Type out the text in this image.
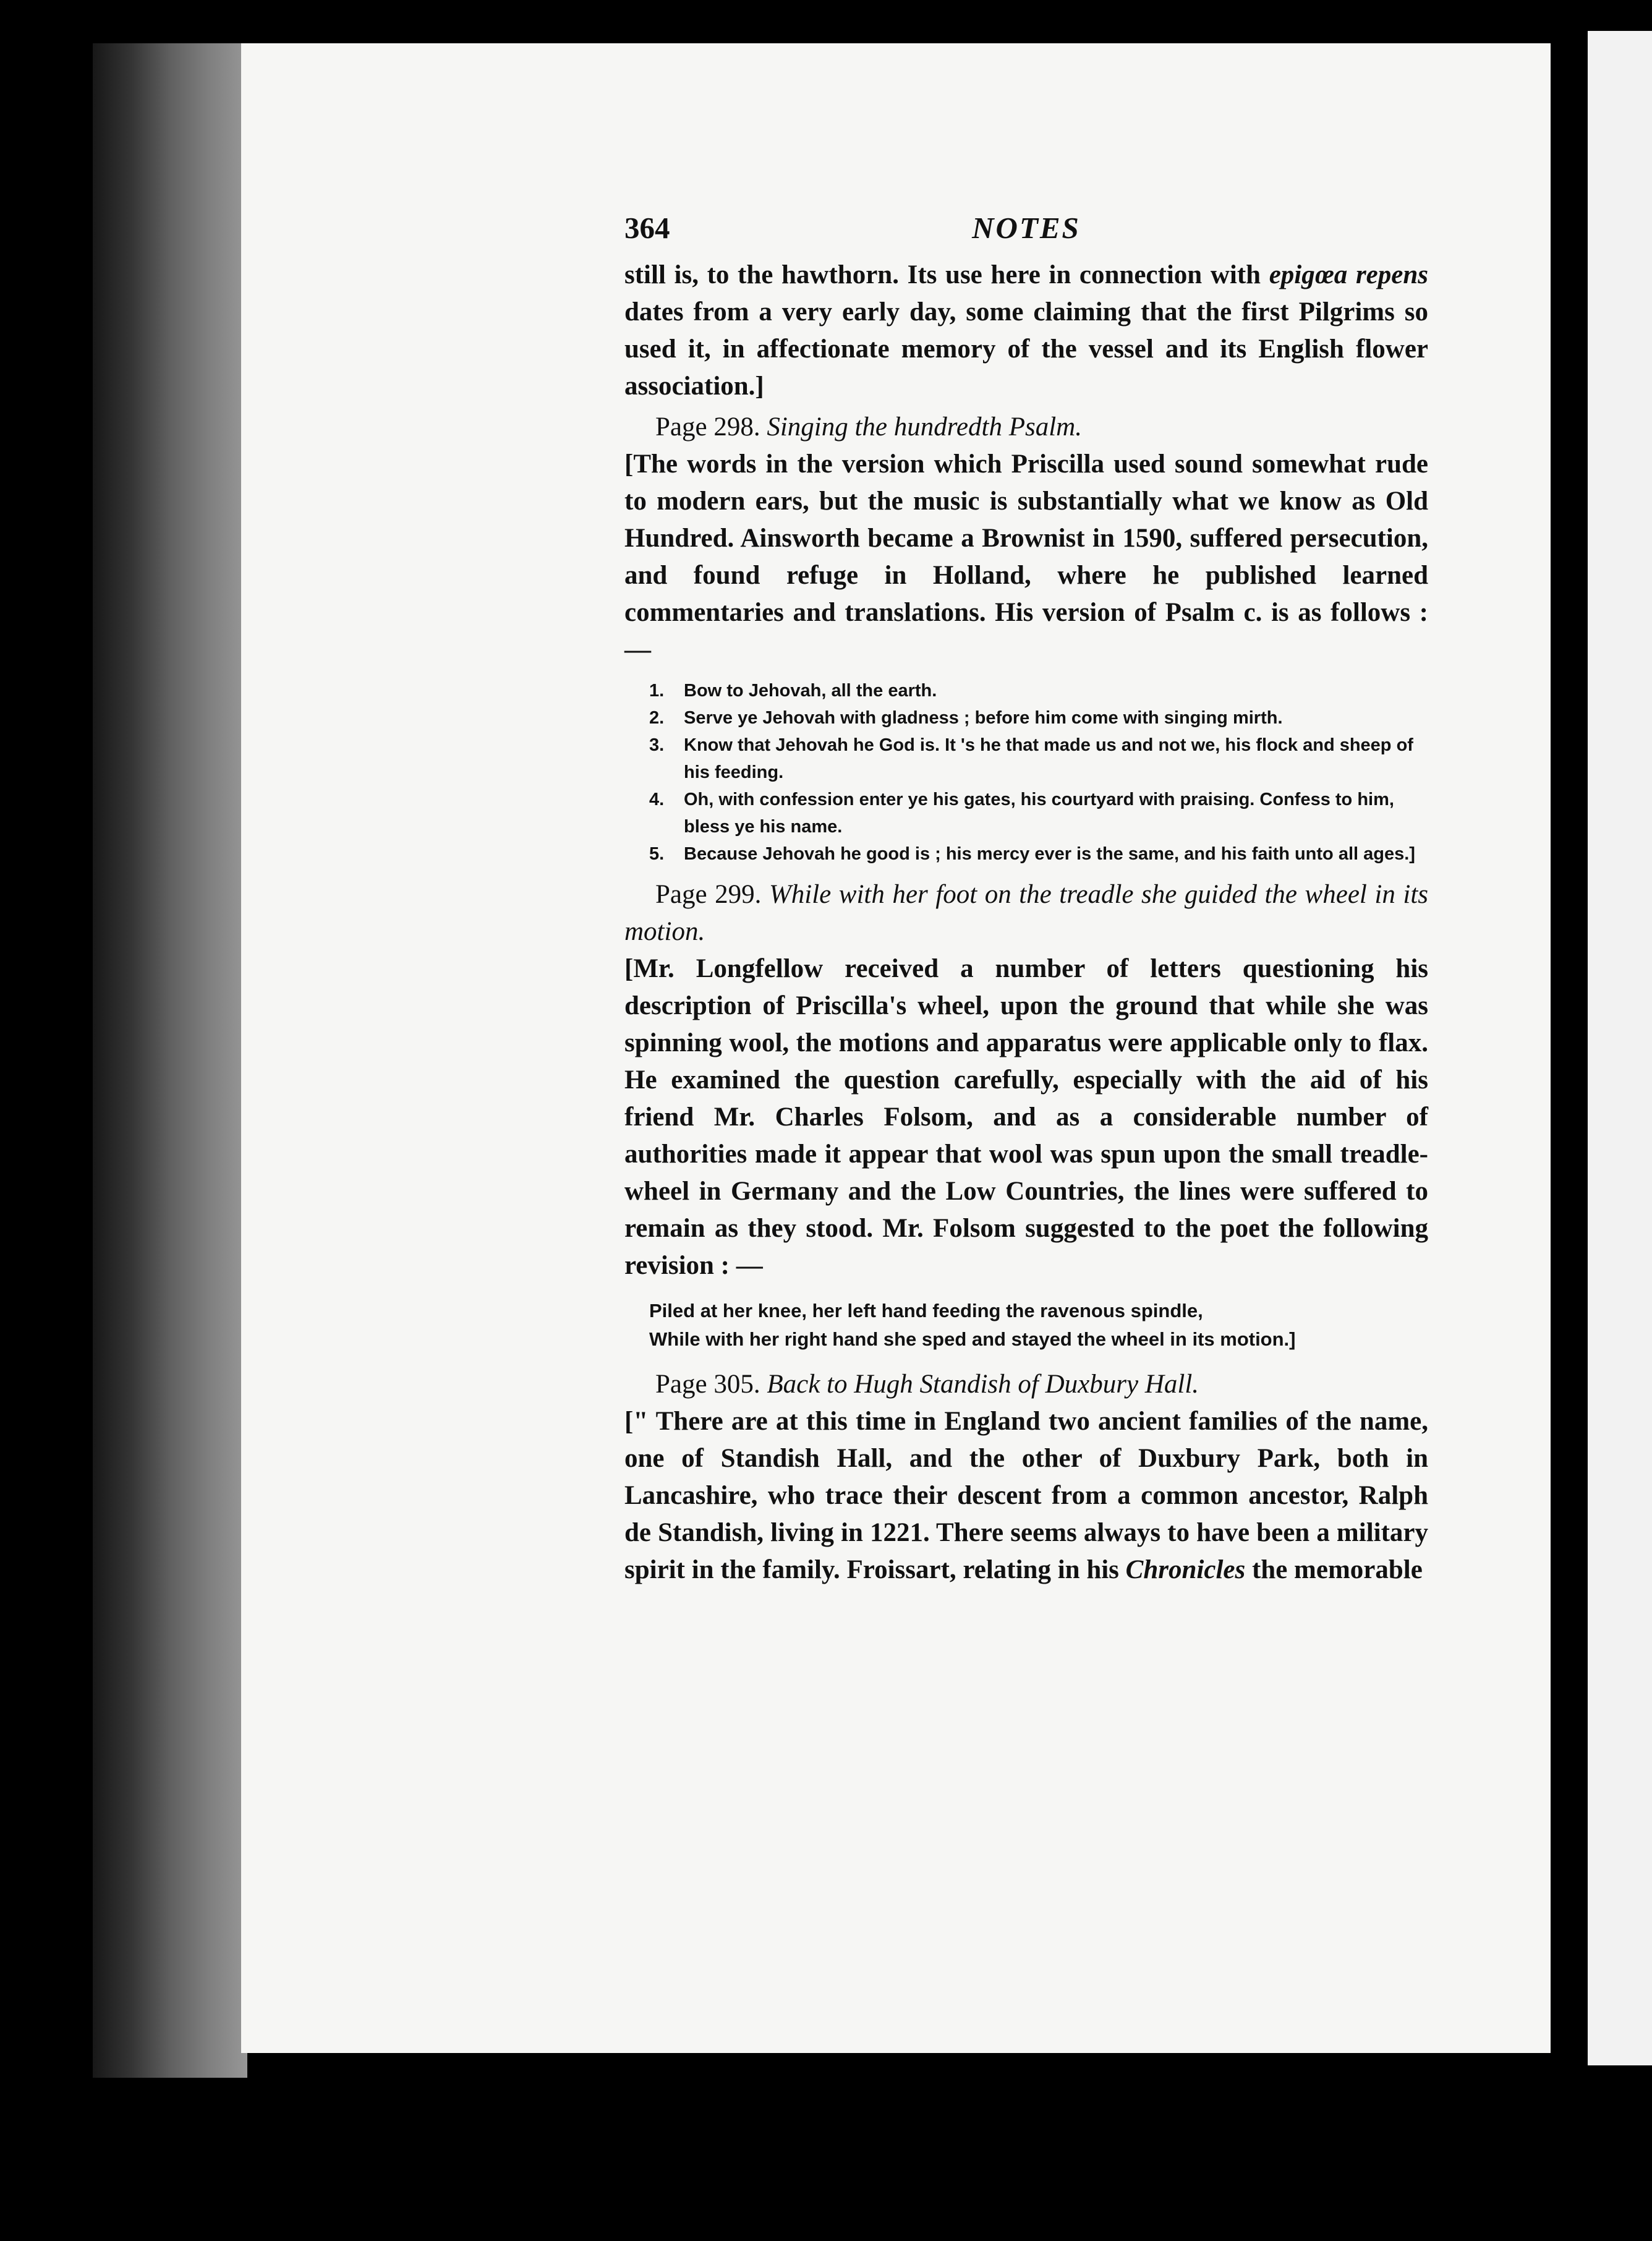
364	NOTES

still is, to the hawthorn. Its use here in connection with epigœa repens dates from a very early day, some claiming that the first Pilgrims so used it, in affectionate memory of the vessel and its English flower association.]

Page 298. Singing the hundredth Psalm.

[The words in the version which Priscilla used sound somewhat rude to modern ears, but the music is substantially what we know as Old Hundred. Ainsworth became a Brownist in 1590, suffered persecution, and found refuge in Holland, where he published learned commentaries and translations. His version of Psalm c. is as follows : —

1. Bow to Jehovah, all the earth.
2. Serve ye Jehovah with gladness ; before him come with singing mirth.
3. Know that Jehovah he God is. It 's he that made us and not we, his flock and sheep of his feeding.
4. Oh, with confession enter ye his gates, his courtyard with praising. Confess to him, bless ye his name.
5. Because Jehovah he good is ; his mercy ever is the same, and his faith unto all ages.]

Page 299. While with her foot on the treadle she guided the wheel in its motion.

[Mr. Longfellow received a number of letters questioning his description of Priscilla's wheel, upon the ground that while she was spinning wool, the motions and apparatus were applicable only to flax. He examined the question carefully, especially with the aid of his friend Mr. Charles Folsom, and as a considerable number of authorities made it appear that wool was spun upon the small treadle-wheel in Germany and the Low Countries, the lines were suffered to remain as they stood. Mr. Folsom suggested to the poet the following revision : —

Piled at her knee, her left hand feeding the ravenous spindle,
While with her right hand she sped and stayed the wheel in its motion.]

Page 305. Back to Hugh Standish of Duxbury Hall.

[" There are at this time in England two ancient families of the name, one of Standish Hall, and the other of Duxbury Park, both in Lancashire, who trace their descent from a common ancestor, Ralph de Standish, living in 1221. There seems always to have been a military spirit in the family. Froissart, relating in his Chronicles the memorable
